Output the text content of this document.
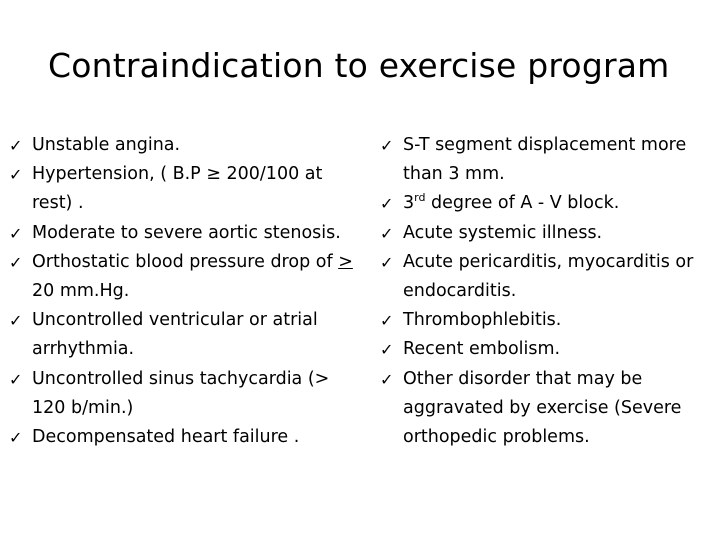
Contraindication to exercise program
✓ Unstable angina.
✓ Hypertension, ( B.P ≥ 200/100 at rest) .
✓ Moderate to severe aortic stenosis.
✓ Orthostatic blood pressure drop of > 20 mm.Hg.
✓ Uncontrolled ventricular or atrial arrhythmia.
✓ Uncontrolled sinus tachycardia (> 120 b/min.)
✓ Decompensated heart failure .
✓ S-T segment displacement more than 3 mm.
✓ 3rd degree of A - V block.
✓ Acute systemic illness.
✓ Acute pericarditis, myocarditis or endocarditis.
✓ Thrombophlebitis.
✓ Recent embolism.
✓ Other disorder that may be aggravated by exercise (Severe orthopedic problems.
